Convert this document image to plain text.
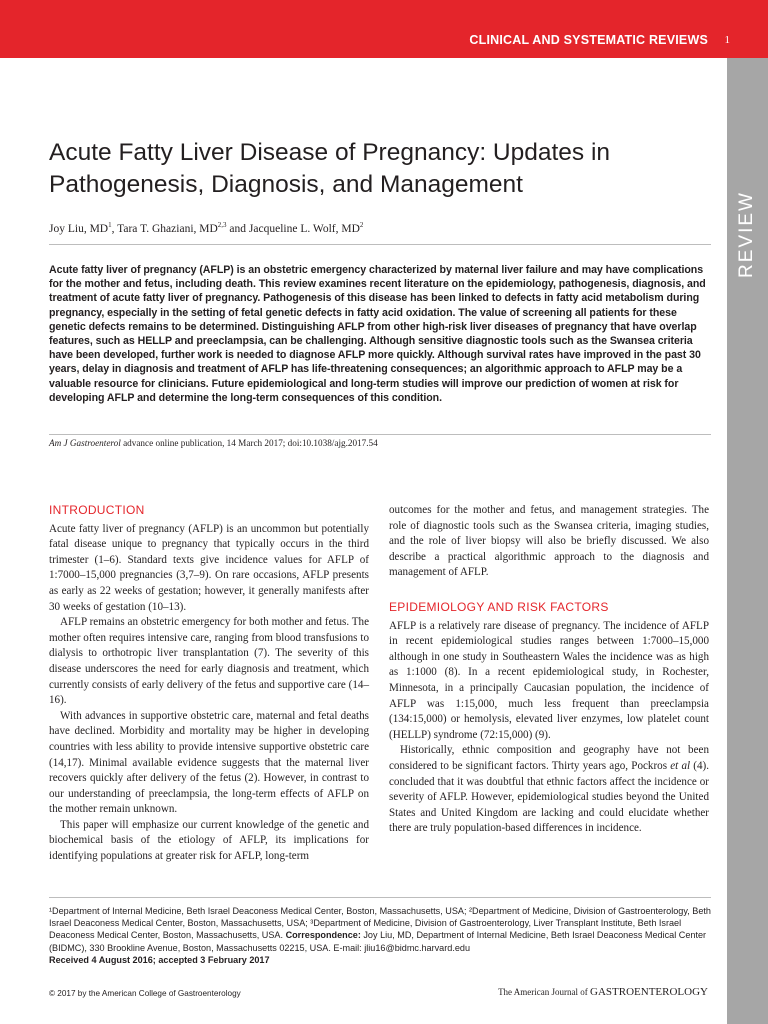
CLINICAL AND SYSTEMATIC REVIEWS 1
REVIEW
Acute Fatty Liver Disease of Pregnancy: Updates in Pathogenesis, Diagnosis, and Management
Joy Liu, $MD^1$, Tara T. Ghaziani, MD$^{2,3}$ and Jacqueline L. Wolf, $MD^2$

Acute fatty liver of pregnancy (AFLP) is an obstetric emergency characterized by maternal liver failure and may have complications for the mother and fetus, including death. This review examines recent literature on the epidemiology, pathogenesis, diagnosis, and treatment of acute fatty liver of pregnancy. Pathogenesis of this disease has been linked to defects in fatty acid metabolism during pregnancy, especially in the setting of fetal genetic defects in fatty acid oxidation. The value of screening all patients for these genetic defects remains to be determined. Distinguishing AFLP from other high-risk liver diseases of pregnancy that have overlap features, such as HELLP and preeclampsia, can be challenging. Although sensitive diagnostic tools such as the Swansea criteria have been developed, further work is needed to diagnose AFLP more quickly. Although survival rates have improved in the past 30 years, delay in diagnosis and treatment of AFLP has life-threatening consequences; an algorithmic approach to AFLP may be a valuable resource for clinicians. Future epidemiological and long-term studies will improve our prediction of women at risk for developing AFLP and determine the long-term consequences of this condition.

Am J Gastroenterol advance online publication, 14 March 2017; doi:10.1038/ajg.2017.54
INTRODUCTION

Acute fatty liver of pregnancy (AFLP) is an uncommon but potentially fatal disease unique to pregnancy that typically occurs in the third trimester (1–6). Standard texts give incidence values for AFLP of 1:7000–15,000 pregnancies (3,7–9). On rare occasions, AFLP presents as early as 22 weeks of gestation; however, it generally manifests after 30 weeks of gestation (10–13).

AFLP remains an obstetric emergency for both mother and fetus. The mother often requires intensive care, ranging from blood transfusions to dialysis to orthotropic liver transplantation (7). The severity of this disease underscores the need for early diagnosis and treatment, which currently consists of early delivery of the fetus and supportive care (14–16).

With advances in supportive obstetric care, maternal and fetal deaths have declined. Morbidity and mortality may be higher in developing countries with less ability to provide intensive supportive obstetric care (14,17). Minimal available evidence suggests that the maternal liver recovers quickly after delivery of the fetus (2). However, in contrast to our understanding of preeclampsia, the long-term effects of AFLP on the mother remain unknown.

This paper will emphasize our current knowledge of the genetic and biochemical basis of the etiology of AFLP, its implications for identifying populations at greater risk for AFLP, long-term

outcomes for the mother and fetus, and management strategies. The role of diagnostic tools such as the Swansea criteria, imaging studies, and the role of liver biopsy will also be briefly discussed. We also describe a practical algorithmic approach to the diagnosis and management of AFLP.

EPIDEMIOLOGY AND RISK FACTORS

AFLP is a relatively rare disease of pregnancy. The incidence of AFLP in recent epidemiological studies ranges between 1:7000–15,000 although in one study in Southeastern Wales the incidence was as high as 1:1000 (8). In a recent epidemiological study, in Rochester, Minnesota, in a principally Caucasian population, the incidence of AFLP was 1:15,000, much less frequent than preeclampsia (134:15,000) or hemolysis, elevated liver enzymes, low platelet count (HELLP) syndrome (72:15,000) (9).

Historically, ethnic composition and geography have not been considered to be significant factors. Thirty years ago, Pockros et al (4). concluded that it was doubtful that ethnic factors affect the incidence or severity of AFLP. However, epidemiological studies beyond the United States and United Kingdom are lacking and could elucidate whether there are truly population-based differences in incidence.

¹Department of Internal Medicine, Beth Israel Deaconess Medical Center, Boston, Massachusetts, USA; ²Department of Medicine, Division of Gastroenterology, Beth Israel Deaconess Medical Center, Boston, Massachusetts, USA; ³Department of Medicine, Division of Gastroenterology, Liver Transplant Institute, Beth Israel Deaconess Medical Center, Boston, Massachusetts, USA. Correspondence: Joy Liu, MD, Department of Internal Medicine, Beth Israel Deaconess Medical Center (BIDMC), 330 Brookline Avenue, Boston, Massachusetts 02215, USA. E-mail: jliu16@bidmc.harvard.edu

Received 4 August 2016; accepted 3 February 2017

© 2017 by the American College of Gastroenterology	The American Journal of GASTROENTEROLOGY
